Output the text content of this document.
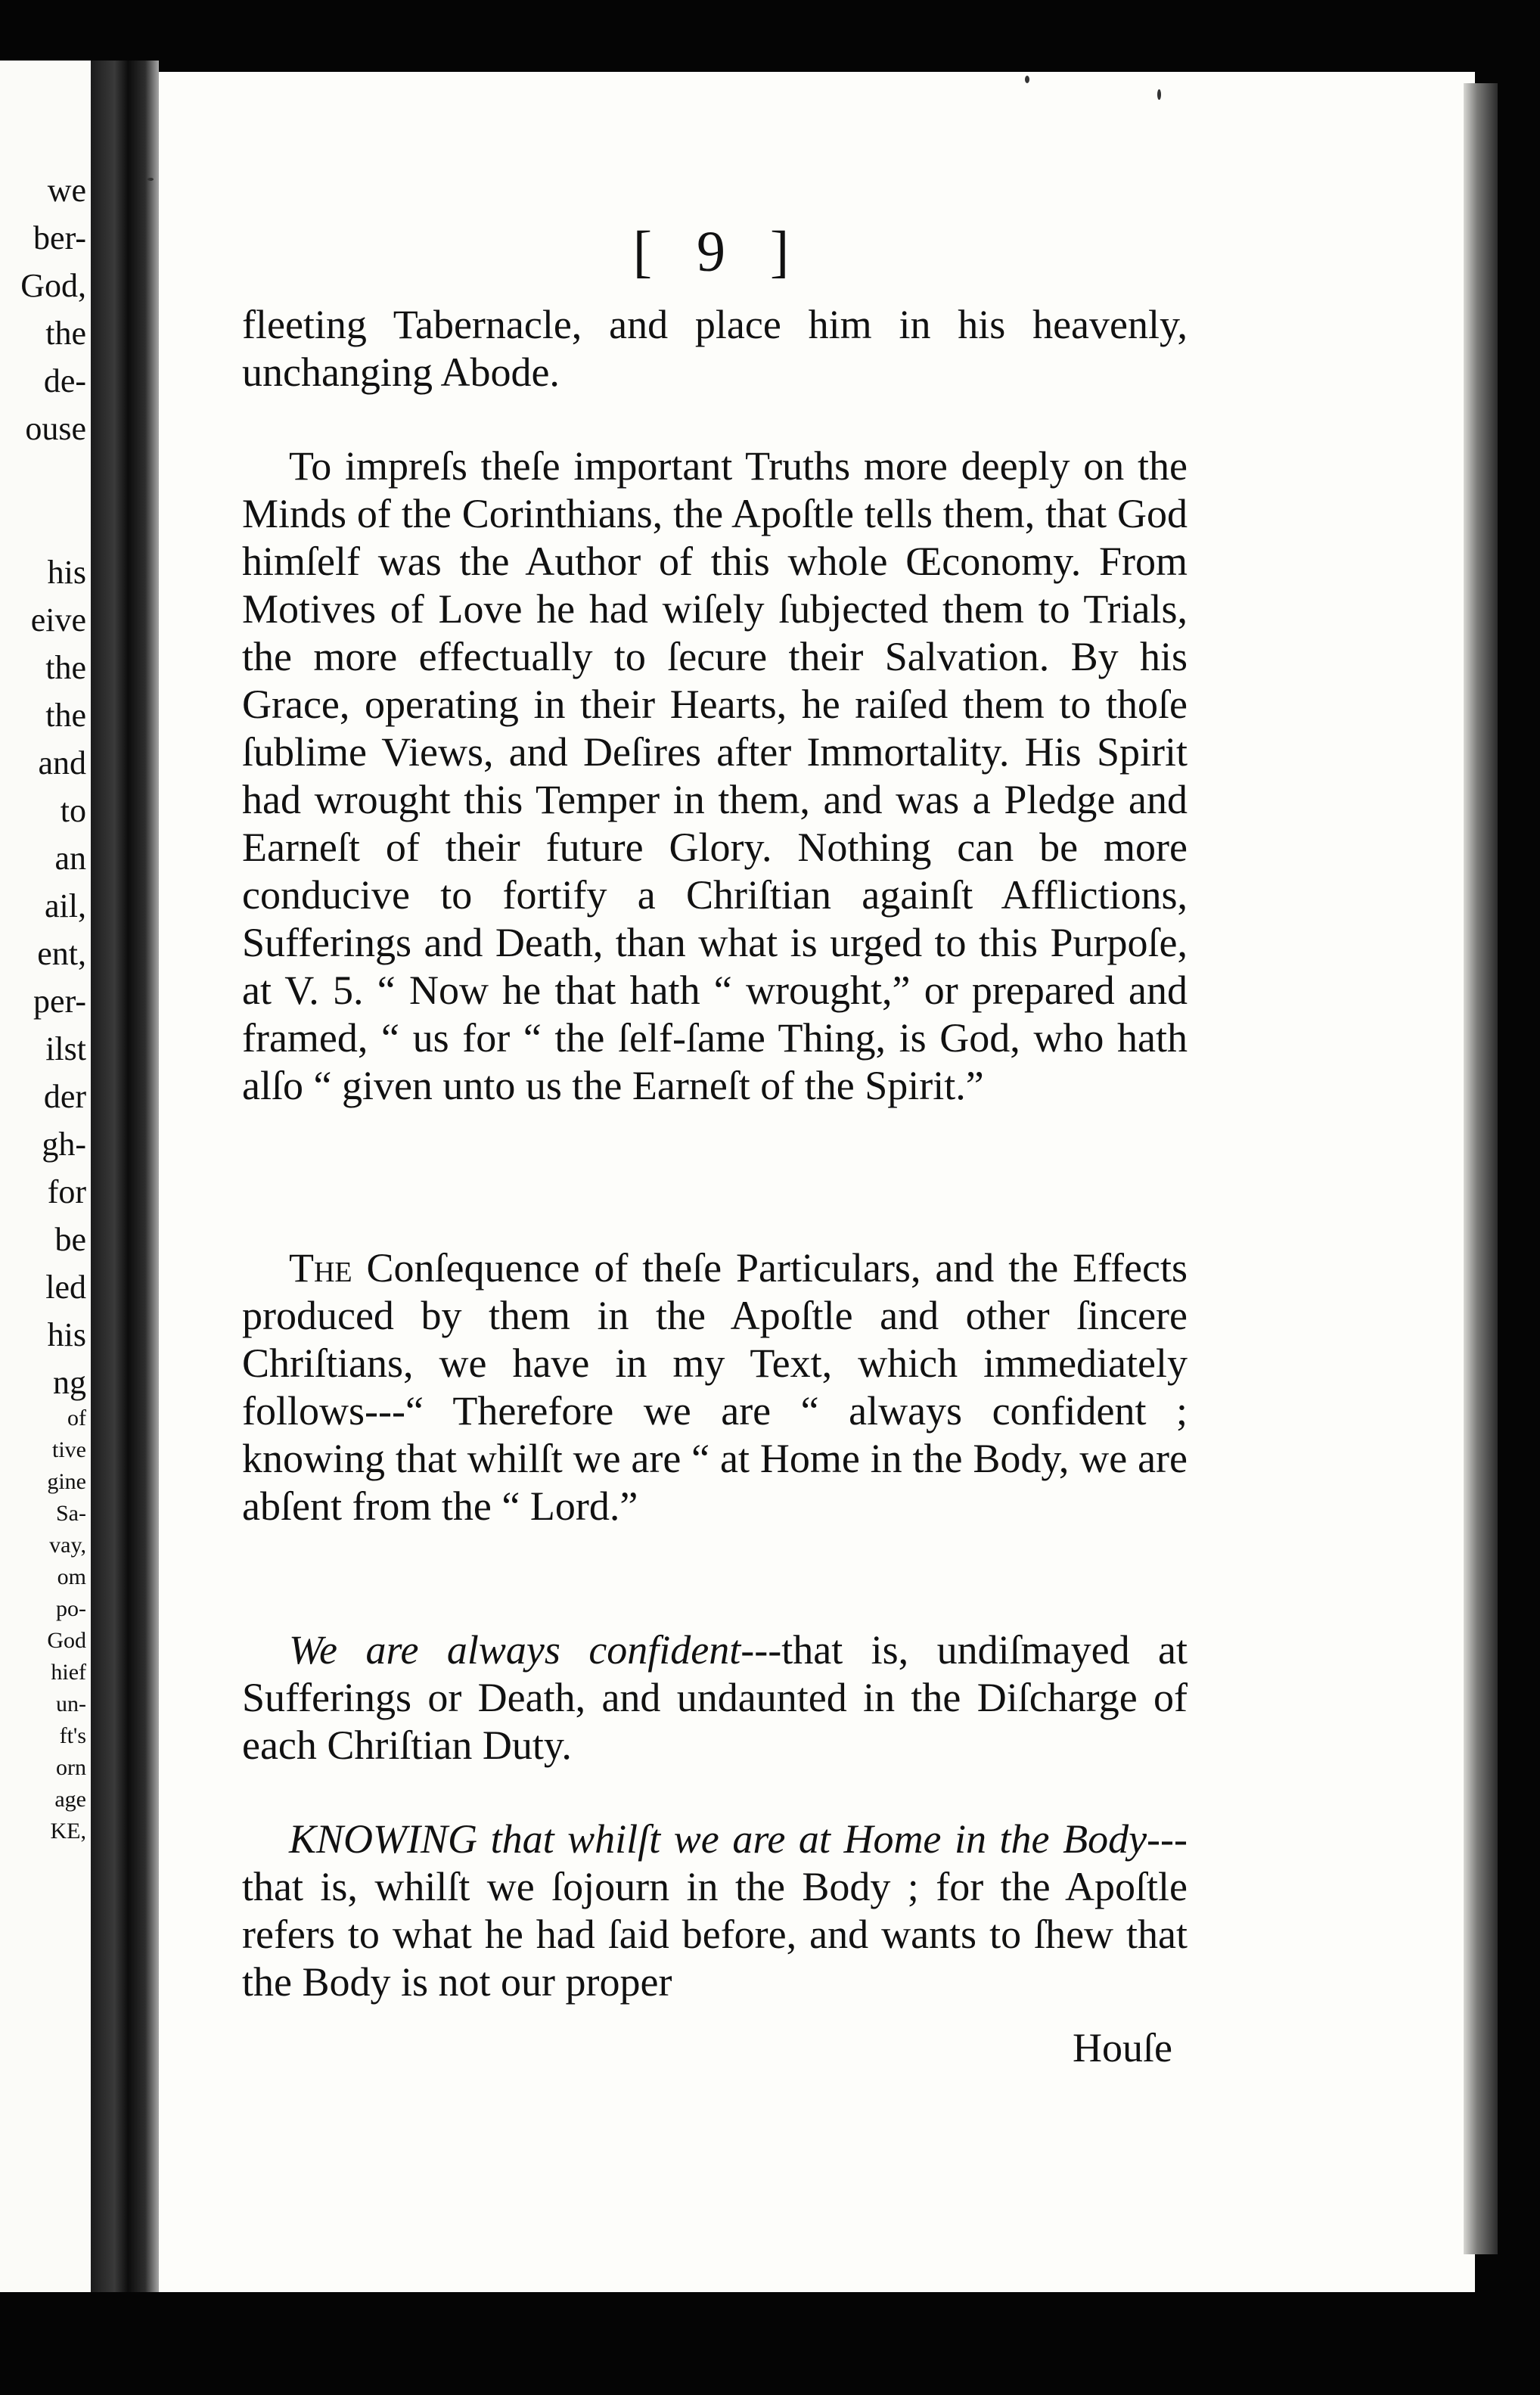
we
ber-
God,
the
de-
ouse
his
eive
the
the
and
to
an
ail,
ent,
per-
ilst
der
gh-
for
be
led
his
ng
of
tive
gine
Sa-
vay,
om
po-
God
hief
un-
ft's
orn
age
KE,
[ 9 ]

fleeting Tabernacle, and place him in his heavenly, unchanging Abode.

To impreſs theſe important Truths more deeply on the Minds of the Corinthians, the Apoſtle tells them, that God himſelf was the Author of this whole Œconomy. From Motives of Love he had wiſely ſubjected them to Trials, the more effectually to ſecure their Salvation. By his Grace, operating in their Hearts, he raiſed them to thoſe ſublime Views, and Deſires after Immortality. His Spirit had wrought this Temper in them, and was a Pledge and Earneſt of their future Glory. Nothing can be more conducive to fortify a Chriſtian againſt Afflictions, Sufferings and Death, than what is urged to this Purpoſe, at V. 5. “ Now he that hath “ wrought,” or prepared and framed, “ us for “ the ſelf-ſame Thing, is God, who hath alſo “ given unto us the Earneſt of the Spirit.”

The Conſequence of theſe Particulars, and the Effects produced by them in the Apoſtle and other ſincere Chriſtians, we have in my Text, which immediately follows---“ Therefore we are “ always confident ; knowing that whilſt we are “ at Home in the Body, we are abſent from the “ Lord.”

We are always confident---that is, undiſmayed at Sufferings or Death, and undaunted in the Diſcharge of each Chriſtian Duty.

KNOWING that whilſt we are at Home in the Body---that is, whilſt we ſojourn in the Body ; for the Apoſtle refers to what he had ſaid before, and wants to ſhew that the Body is not our proper

Houſe
